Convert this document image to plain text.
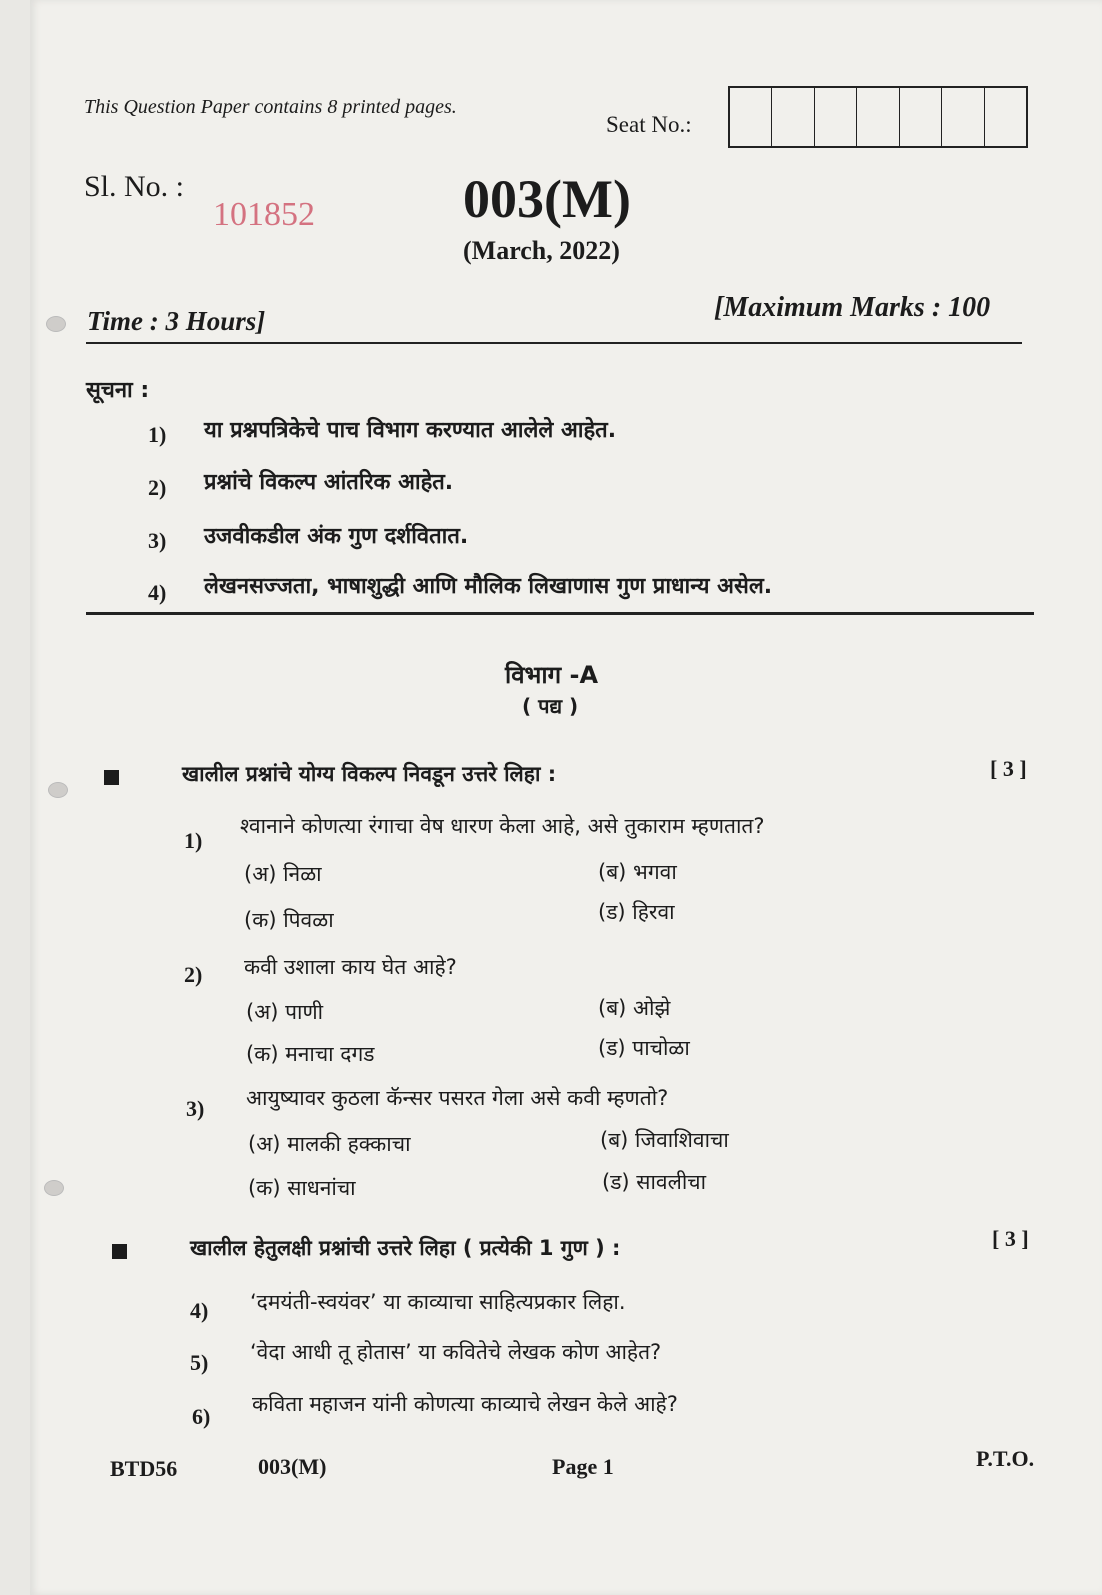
This Question Paper contains 8 printed pages.
Seat No.:
Sl. No. :
101852	003(M)
(March, 2022)
Time : 3 Hours]	[Maximum Marks : 100
सूचना :
1) या प्रश्नपत्रिकेचे पाच विभाग करण्यात आलेले आहेत.
2) प्रश्नांचे विकल्प आंतरिक आहेत.
3) उजवीकडील अंक गुण दर्शवितात.
4) लेखनसज्जता, भाषाशुद्धी आणि मौलिक लिखाणास गुण प्राधान्य असेल.
विभाग -A
( पद्य )
खालील प्रश्नांचे योग्य विकल्प निवडून उत्तरे लिहा :	[ 3 ]
1)
श्वानाने कोणत्या रंगाचा वेष धारण केला आहे, असे तुकाराम म्हणतात?
(अ) निळा	(ब) भगवा
(क) पिवळा	(ड) हिरवा
2) कवी उशाला काय घेत आहे?
(अ) पाणी	(ब) ओझे
(क) मनाचा दगड	(ड) पाचोळा
3) आयुष्यावर कुठला कॅन्सर पसरत गेला असे कवी म्हणतो?
(अ) मालकी हक्काचा	(ब) जिवाशिवाचा
(क) साधनांचा	(ड) सावलीचा
खालील हेतुलक्षी प्रश्नांची उत्तरे लिहा ( प्रत्येकी 1 गुण ) :	[ 3 ]
4) ‘दमयंती-स्वयंवर’ या काव्याचा साहित्यप्रकार लिहा.
5) ‘वेदा आधी तू होतास’ या कवितेचे लेखक कोण आहेत?
6) कविता महाजन यांनी कोणत्या काव्याचे लेखन केले आहे?
BTD56	003(M)	Page 1	P.T.O.
